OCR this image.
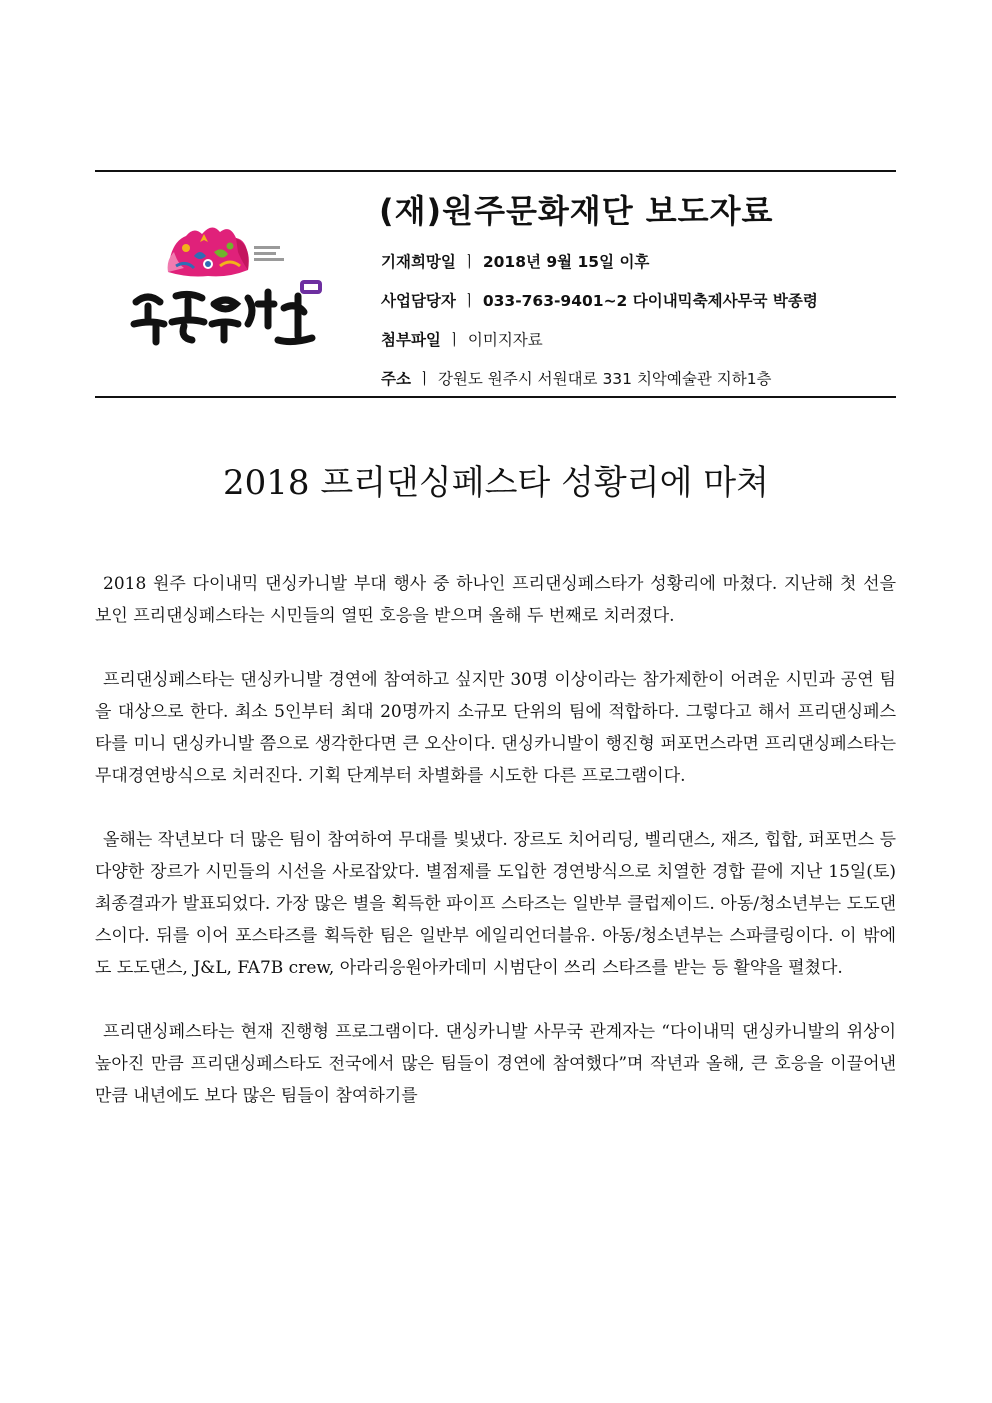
(재)원주문화재단 보도자료
기재희망일 ㅣ 2018년 9월 15일 이후
사업담당자 ㅣ 033-763-9401~2 다이내믹축제사무국 박종령
첨부파일 ㅣ 이미지자료
주소 ㅣ 강원도 원주시 서원대로 331 치악예술관 지하1층
2018 프리댄싱페스타 성황리에 마쳐

2018 원주 다이내믹 댄싱카니발 부대 행사 중 하나인 프리댄싱페스타가 성황리에 마쳤다. 지난해 첫 선을 보인 프리댄싱페스타는 시민들의 열띤 호응을 받으며 올해 두 번째로 치러졌다.

프리댄싱페스타는 댄싱카니발 경연에 참여하고 싶지만 30명 이상이라는 참가제한이 어려운 시민과 공연 팀을 대상으로 한다. 최소 5인부터 최대 20명까지 소규모 단위의 팀에 적합하다. 그렇다고 해서 프리댄싱페스타를 미니 댄싱카니발 쯤으로 생각한다면 큰 오산이다. 댄싱카니발이 행진형 퍼포먼스라면 프리댄싱페스타는 무대경연방식으로 치러진다. 기획 단계부터 차별화를 시도한 다른 프로그램이다.

올해는 작년보다 더 많은 팀이 참여하여 무대를 빛냈다. 장르도 치어리딩, 벨리댄스, 재즈, 힙합, 퍼포먼스 등 다양한 장르가 시민들의 시선을 사로잡았다. 별점제를 도입한 경연방식으로 치열한 경합 끝에 지난 15일(토) 최종결과가 발표되었다. 가장 많은 별을 획득한 파이프 스타즈는 일반부 클럽제이드. 아동/청소년부는 도도댄스이다. 뒤를 이어 포스타즈를 획득한 팀은 일반부 에일리언더블유. 아동/청소년부는 스파클링이다. 이 밖에도 도도댄스, J&L, FA7B crew, 아라리응원아카데미 시범단이 쓰리 스타즈를 받는 등 활약을 펼쳤다.

프리댄싱페스타는 현재 진행형 프로그램이다. 댄싱카니발 사무국 관계자는 “다이내믹 댄싱카니발의 위상이 높아진 만큼 프리댄싱페스타도 전국에서 많은 팀들이 경연에 참여했다”며 작년과 올해, 큰 호응을 이끌어낸 만큼 내년에도 보다 많은 팀들이 참여하기를
